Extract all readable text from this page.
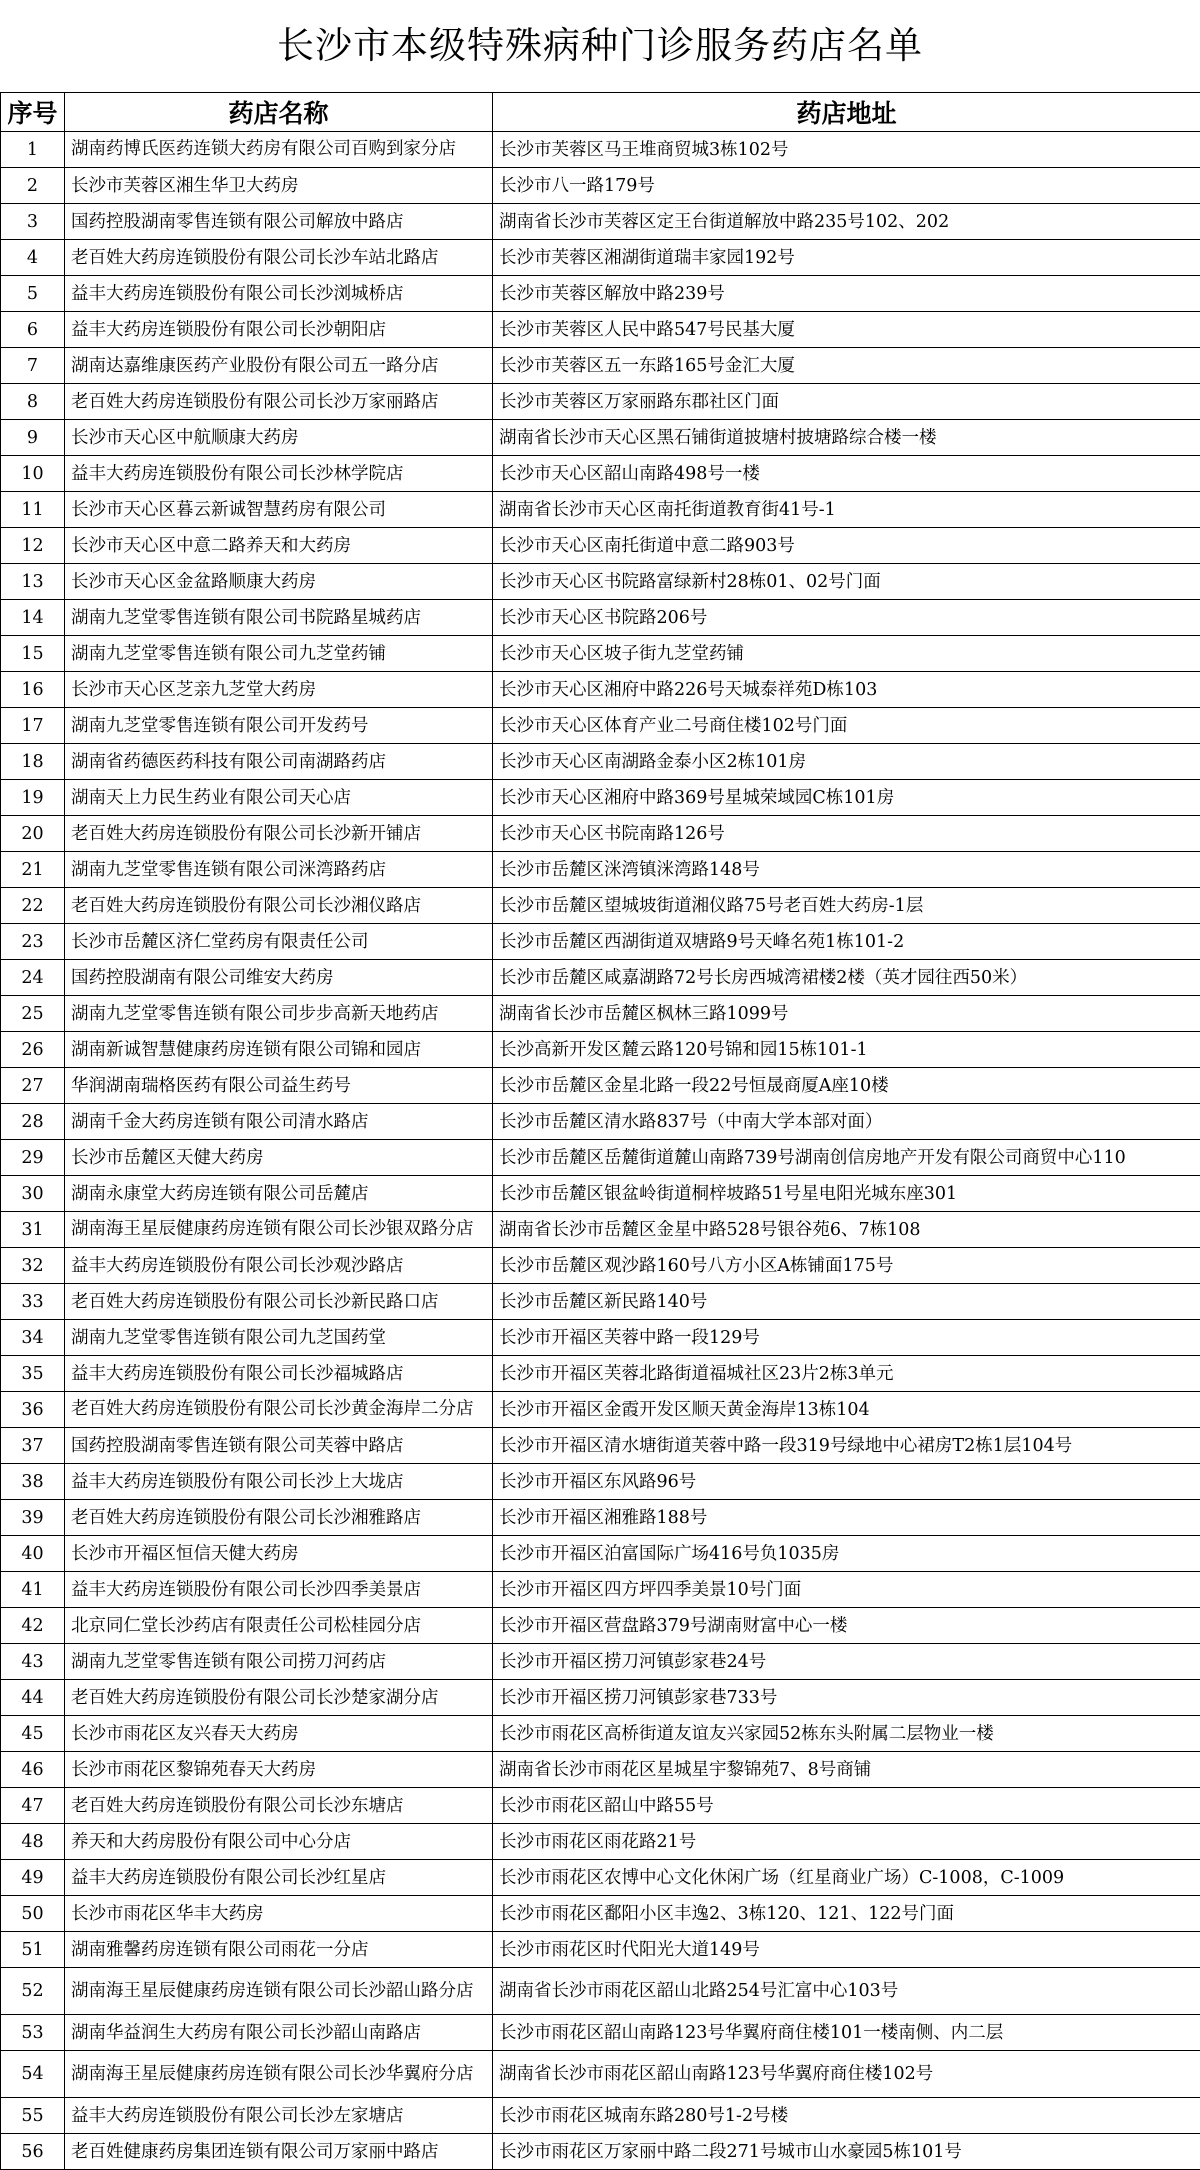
长沙市本级特殊病种门诊服务药店名单
序号	药店名称	药店地址
1	湖南药博氏医药连锁大药房有限公司百购到家分店	长沙市芙蓉区马王堆商贸城3栋102号
2	长沙市芙蓉区湘生华卫大药房	长沙市八一路179号
3	国药控股湖南零售连锁有限公司解放中路店	湖南省长沙市芙蓉区定王台街道解放中路235号102、202
4	老百姓大药房连锁股份有限公司长沙车站北路店	长沙市芙蓉区湘湖街道瑞丰家园192号
5	益丰大药房连锁股份有限公司长沙浏城桥店	长沙市芙蓉区解放中路239号
6	益丰大药房连锁股份有限公司长沙朝阳店	长沙市芙蓉区人民中路547号民基大厦
7	湖南达嘉维康医药产业股份有限公司五一路分店	长沙市芙蓉区五一东路165号金汇大厦
8	老百姓大药房连锁股份有限公司长沙万家丽路店	长沙市芙蓉区万家丽路东郡社区门面
9	长沙市天心区中航顺康大药房	湖南省长沙市天心区黑石铺街道披塘村披塘路综合楼一楼
10	益丰大药房连锁股份有限公司长沙林学院店	长沙市天心区韶山南路498号一楼
11	长沙市天心区暮云新诚智慧药房有限公司	湖南省长沙市天心区南托街道教育街41号-1
12	长沙市天心区中意二路养天和大药房	长沙市天心区南托街道中意二路903号
13	长沙市天心区金盆路顺康大药房	长沙市天心区书院路富绿新村28栋01、02号门面
14	湖南九芝堂零售连锁有限公司书院路星城药店	长沙市天心区书院路206号
15	湖南九芝堂零售连锁有限公司九芝堂药铺	长沙市天心区坡子街九芝堂药铺
16	长沙市天心区芝亲九芝堂大药房	长沙市天心区湘府中路226号天城泰祥苑D栋103
17	湖南九芝堂零售连锁有限公司开发药号	长沙市天心区体育产业二号商住楼102号门面
18	湖南省药德医药科技有限公司南湖路药店	长沙市天心区南湖路金泰小区2栋101房
19	湖南天上力民生药业有限公司天心店	长沙市天心区湘府中路369号星城荣域园C栋101房
20	老百姓大药房连锁股份有限公司长沙新开铺店	长沙市天心区书院南路126号
21	湖南九芝堂零售连锁有限公司洣湾路药店	长沙市岳麓区洣湾镇洣湾路148号
22	老百姓大药房连锁股份有限公司长沙湘仪路店	长沙市岳麓区望城坡街道湘仪路75号老百姓大药房-1层
23	长沙市岳麓区济仁堂药房有限责任公司	长沙市岳麓区西湖街道双塘路9号天峰名苑1栋101-2
24	国药控股湖南有限公司维安大药房	长沙市岳麓区咸嘉湖路72号长房西城湾裙楼2楼（英才园往西50米）
25	湖南九芝堂零售连锁有限公司步步高新天地药店	湖南省长沙市岳麓区枫林三路1099号
26	湖南新诚智慧健康药房连锁有限公司锦和园店	长沙高新开发区麓云路120号锦和园15栋101-1
27	华润湖南瑞格医药有限公司益生药号	长沙市岳麓区金星北路一段22号恒晟商厦A座10楼
28	湖南千金大药房连锁有限公司清水路店	长沙市岳麓区清水路837号（中南大学本部对面）
29	长沙市岳麓区天健大药房	长沙市岳麓区岳麓街道麓山南路739号湖南创信房地产开发有限公司商贸中心110
30	湖南永康堂大药房连锁有限公司岳麓店	长沙市岳麓区银盆岭街道桐梓坡路51号星电阳光城东座301
31	湖南海王星辰健康药房连锁有限公司长沙银双路分店	湖南省长沙市岳麓区金星中路528号银谷苑6、7栋108
32	益丰大药房连锁股份有限公司长沙观沙路店	长沙市岳麓区观沙路160号八方小区A栋铺面175号
33	老百姓大药房连锁股份有限公司长沙新民路口店	长沙市岳麓区新民路140号
34	湖南九芝堂零售连锁有限公司九芝国药堂	长沙市开福区芙蓉中路一段129号
35	益丰大药房连锁股份有限公司长沙福城路店	长沙市开福区芙蓉北路街道福城社区23片2栋3单元
36	老百姓大药房连锁股份有限公司长沙黄金海岸二分店	长沙市开福区金霞开发区顺天黄金海岸13栋104
37	国药控股湖南零售连锁有限公司芙蓉中路店	长沙市开福区清水塘街道芙蓉中路一段319号绿地中心裙房T2栋1层104号
38	益丰大药房连锁股份有限公司长沙上大垅店	长沙市开福区东风路96号
39	老百姓大药房连锁股份有限公司长沙湘雅路店	长沙市开福区湘雅路188号
40	长沙市开福区恒信天健大药房	长沙市开福区泊富国际广场416号负1035房
41	益丰大药房连锁股份有限公司长沙四季美景店	长沙市开福区四方坪四季美景10号门面
42	北京同仁堂长沙药店有限责任公司松桂园分店	长沙市开福区营盘路379号湖南财富中心一楼
43	湖南九芝堂零售连锁有限公司捞刀河药店	长沙市开福区捞刀河镇彭家巷24号
44	老百姓大药房连锁股份有限公司长沙楚家湖分店	长沙市开福区捞刀河镇彭家巷733号
45	长沙市雨花区友兴春天大药房	长沙市雨花区高桥街道友谊友兴家园52栋东头附属二层物业一楼
46	长沙市雨花区黎锦苑春天大药房	湖南省长沙市雨花区星城星宇黎锦苑7、8号商铺
47	老百姓大药房连锁股份有限公司长沙东塘店	长沙市雨花区韶山中路55号
48	养天和大药房股份有限公司中心分店	长沙市雨花区雨花路21号
49	益丰大药房连锁股份有限公司长沙红星店	长沙市雨花区农博中心文化休闲广场（红星商业广场）C-1008，C-1009
50	长沙市雨花区华丰大药房	长沙市雨花区鄱阳小区丰逸2、3栋120、121、122号门面
51	湖南雅馨药房连锁有限公司雨花一分店	长沙市雨花区时代阳光大道149号
52	湖南海王星辰健康药房连锁有限公司长沙韶山路分店	湖南省长沙市雨花区韶山北路254号汇富中心103号
53	湖南华益润生大药房有限公司长沙韶山南路店	长沙市雨花区韶山南路123号华翼府商住楼101一楼南侧、内二层
54	湖南海王星辰健康药房连锁有限公司长沙华翼府分店	湖南省长沙市雨花区韶山南路123号华翼府商住楼102号
55	益丰大药房连锁股份有限公司长沙左家塘店	长沙市雨花区城南东路280号1-2号楼
56	老百姓健康药房集团连锁有限公司万家丽中路店	长沙市雨花区万家丽中路二段271号城市山水豪园5栋101号
